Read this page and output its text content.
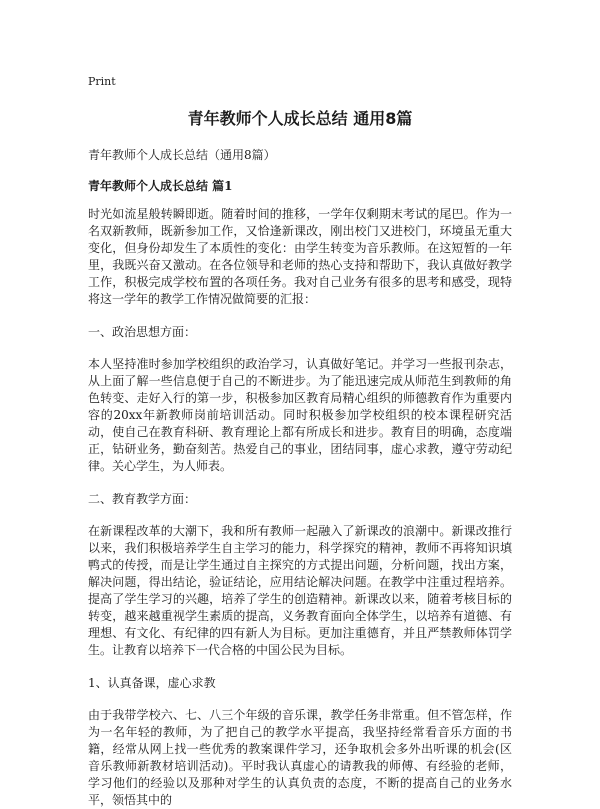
Print
青年教师个人成长总结 通用8篇
青年教师个人成长总结（通用8篇）
青年教师个人成长总结 篇1
时光如流星般转瞬即逝。随着时间的推移，一学年仅剩期末考试的尾巴。作为一名双新教师，既新参加工作，又恰逢新课改，刚出校门又进校门，环境虽无重大变化，但身份却发生了本质性的变化：由学生转变为音乐教师。在这短暂的一年里，我既兴奋又激动。在各位领导和老师的热心支持和帮助下，我认真做好教学工作，积极完成学校布置的各项任务。我对自己业务有很多的思考和感受，现特将这一学年的教学工作情况做简要的汇报：
一、政治思想方面：
本人坚持准时参加学校组织的政治学习，认真做好笔记。并学习一些报刊杂志，从上面了解一些信息便于自己的不断进步。为了能迅速完成从师范生到教师的角色转变、走好入行的第一步，积极参加区教育局精心组织的师德教育作为重要内容的20xx年新教师岗前培训活动。同时积极参加学校组织的校本课程研究活动，使自己在教育科研、教育理论上都有所成长和进步。教育目的明确，态度端正，钻研业务，勤奋刻苦。热爱自己的事业，团结同事，虚心求教，遵守劳动纪律。关心学生，为人师表。
二、教育教学方面：
在新课程改革的大潮下，我和所有教师一起融入了新课改的浪潮中。新课改推行以来，我们积极培养学生自主学习的能力，科学探究的精神，教师不再将知识填鸭式的传授，而是让学生通过自主探究的方式提出问题，分析问题，找出方案，解决问题，得出结论，验证结论，应用结论解决问题。在教学中注重过程培养。提高了学生学习的兴趣，培养了学生的创造精神。新课改以来，随着考核目标的转变，越来越重视学生素质的提高，义务教育面向全体学生，以培养有道德、有理想、有文化、有纪律的四有新人为目标。更加注重德育，并且严禁教师体罚学生。让教育以培养下一代合格的中国公民为目标。
1、认真备课，虚心求教
由于我带学校六、七、八三个年级的音乐课，教学任务非常重。但不管怎样，作为一名年轻的教师，为了把自己的教学水平提高，我坚持经常看音乐方面的书籍，经常从网上找一些优秀的教案课件学习，还争取机会多外出听课的机会(区音乐教师新教材培训活动)。平时我认真虚心的请教我的师傅、有经验的老师，学习他们的经验以及那种对学生的认真负责的态度，不断的提高自己的业务水平，领悟其中的
